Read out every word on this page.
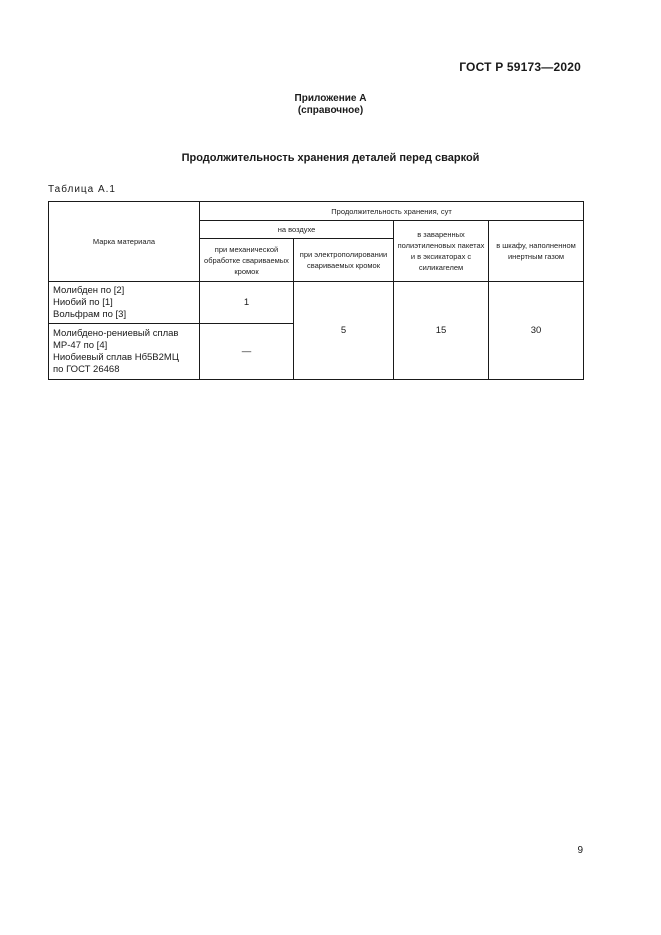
ГОСТ Р 59173—2020
Приложение А
(справочное)
Продолжительность хранения деталей перед сваркой
Таблица А.1
Марка материала	Продолжительность хранения, сут			
	на воздухе		в заваренных полиэтиленовых пакетах и в эксикаторах с силикагелем	в шкафу, наполненном инертным газом
	при механической обработке свариваемых кромок	при электрополировании свариваемых кромок		

Молибден по [2]
Ниобий по [1]
Вольфрам по [3]	1	5	15	30

Молибдено-рениевый сплав
МР-47 по [4]
Ниобиевый сплав Нб5В2МЦ
по ГОСТ 26468	—			
9
